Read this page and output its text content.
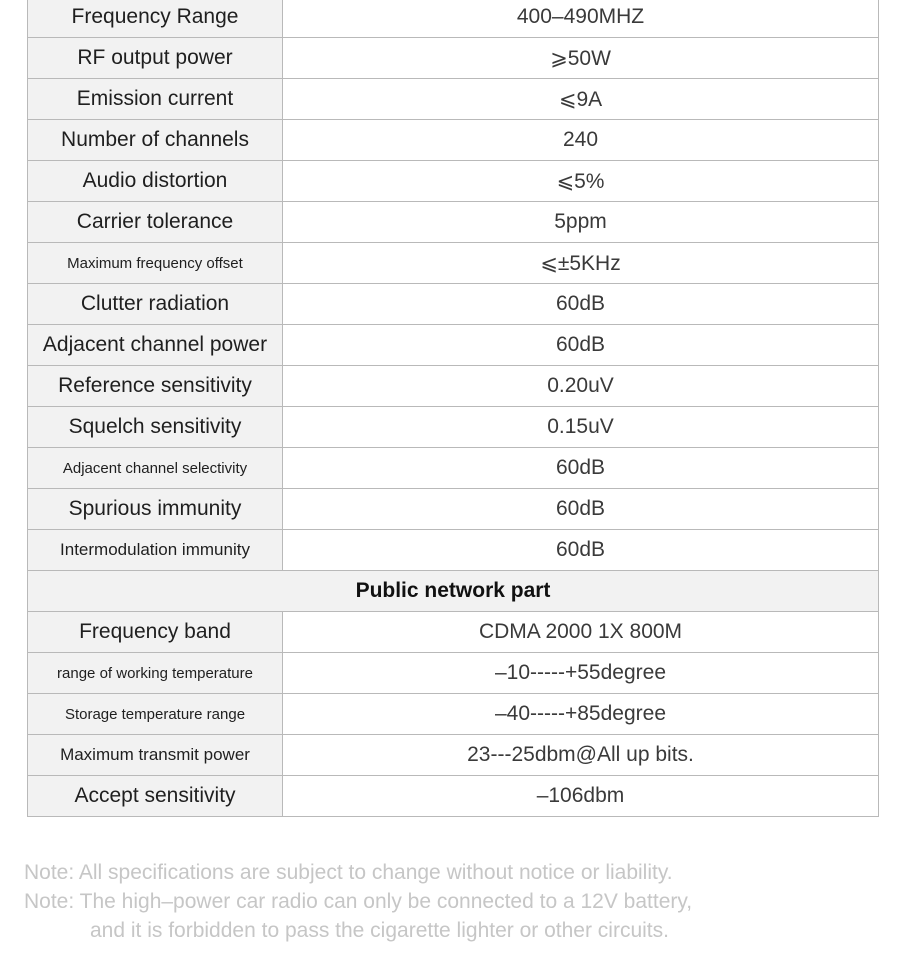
Frequency Range	400–490MHZ
RF output power	⩾50W
Emission current	⩽9A
Number of channels	240
Audio distortion	⩽5%
Carrier tolerance	5ppm
Maximum frequency offset	⩽±5KHz
Clutter radiation	60dB
Adjacent channel power	60dB
Reference sensitivity	0.20uV
Squelch sensitivity	0.15uV
Adjacent channel selectivity	60dB
Spurious immunity	60dB
Intermodulation immunity	60dB
Public network part	
Frequency band	CDMA 2000 1X 800M
range of working temperature	–10-----+55degree
Storage temperature range	–40-----+85degree
Maximum transmit power	23---25dbm@All up bits.
Accept sensitivity	–106dbm
Note: All specifications are subject to change without notice or liability.
Note: The high–power car radio can only be connected to a 12V battery,
and it is forbidden to pass the cigarette lighter or other circuits.
